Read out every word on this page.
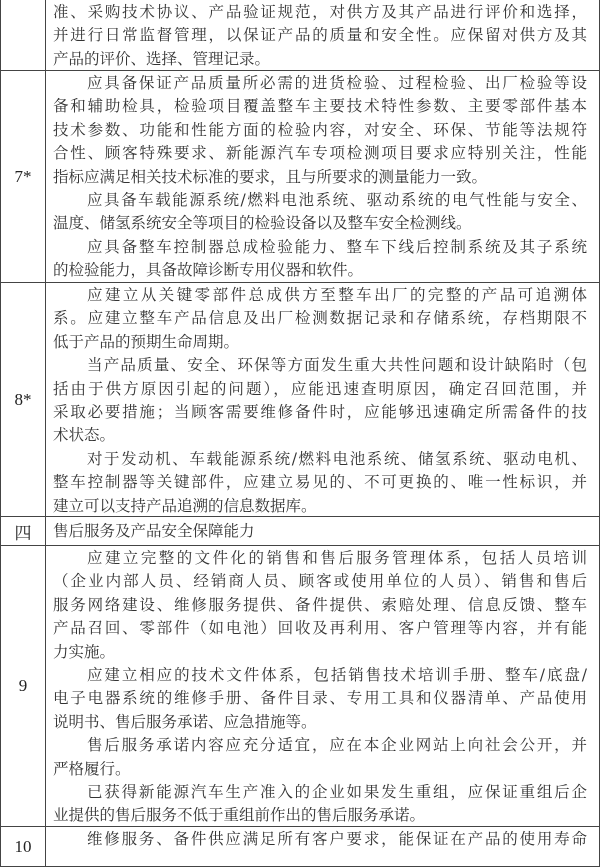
准、采购技术协议、产品验证规范，对供方及其产品进行评价和选择，
并进行日常监督管理，以保证产品的质量和安全性。应保留对供方及其
产品的评价、选择、管理记录。
7*
应具备保证产品质量所必需的进货检验、过程检验、出厂检验等设
备和辅助检具，检验项目覆盖整车主要技术特性参数、主要零部件基本
技术参数、功能和性能方面的检验内容，对安全、环保、节能等法规符
合性、顾客特殊要求、新能源汽车专项检测项目要求应特别关注，性能
指标应满足相关技术标准的要求，且与所要求的测量能力一致。
应具备车载能源系统/燃料电池系统、驱动系统的电气性能与安全、
温度、储氢系统安全等项目的检验设备以及整车安全检测线。
应具备整车控制器总成检验能力、整车下线后控制系统及其子系统
的检验能力，具备故障诊断专用仪器和软件。
8*
应建立从关键零部件总成供方至整车出厂的完整的产品可追溯体
系。应建立整车产品信息及出厂检测数据记录和存储系统，存档期限不
低于产品的预期生命周期。
当产品质量、安全、环保等方面发生重大共性问题和设计缺陷时（包
括由于供方原因引起的问题），应能迅速查明原因，确定召回范围，并
采取必要措施；当顾客需要维修备件时，应能够迅速确定所需备件的技
术状态。
对于发动机、车载能源系统/燃料电池系统、储氢系统、驱动电机、
整车控制器等关键部件，应建立易见的、不可更换的、唯一性标识，并
建立可以支持产品追溯的信息数据库。
四	售后服务及产品安全保障能力
9
应建立完整的文件化的销售和售后服务管理体系，包括人员培训
（企业内部人员、经销商人员、顾客或使用单位的人员）、销售和售后
服务网络建设、维修服务提供、备件提供、索赔处理、信息反馈、整车
产品召回、零部件（如电池）回收及再利用、客户管理等内容，并有能
力实施。
应建立相应的技术文件体系，包括销售技术培训手册、整车/底盘/
电子电器系统的维修手册、备件目录、专用工具和仪器清单、产品使用
说明书、售后服务承诺、应急措施等。
售后服务承诺内容应充分适宜，应在本企业网站上向社会公开，并
严格履行。
已获得新能源汽车生产准入的企业如果发生重组，应保证重组后企
业提供的售后服务不低于重组前作出的售后服务承诺。
10	维修服务、备件供应满足所有客户要求，能保证在产品的使用寿命
